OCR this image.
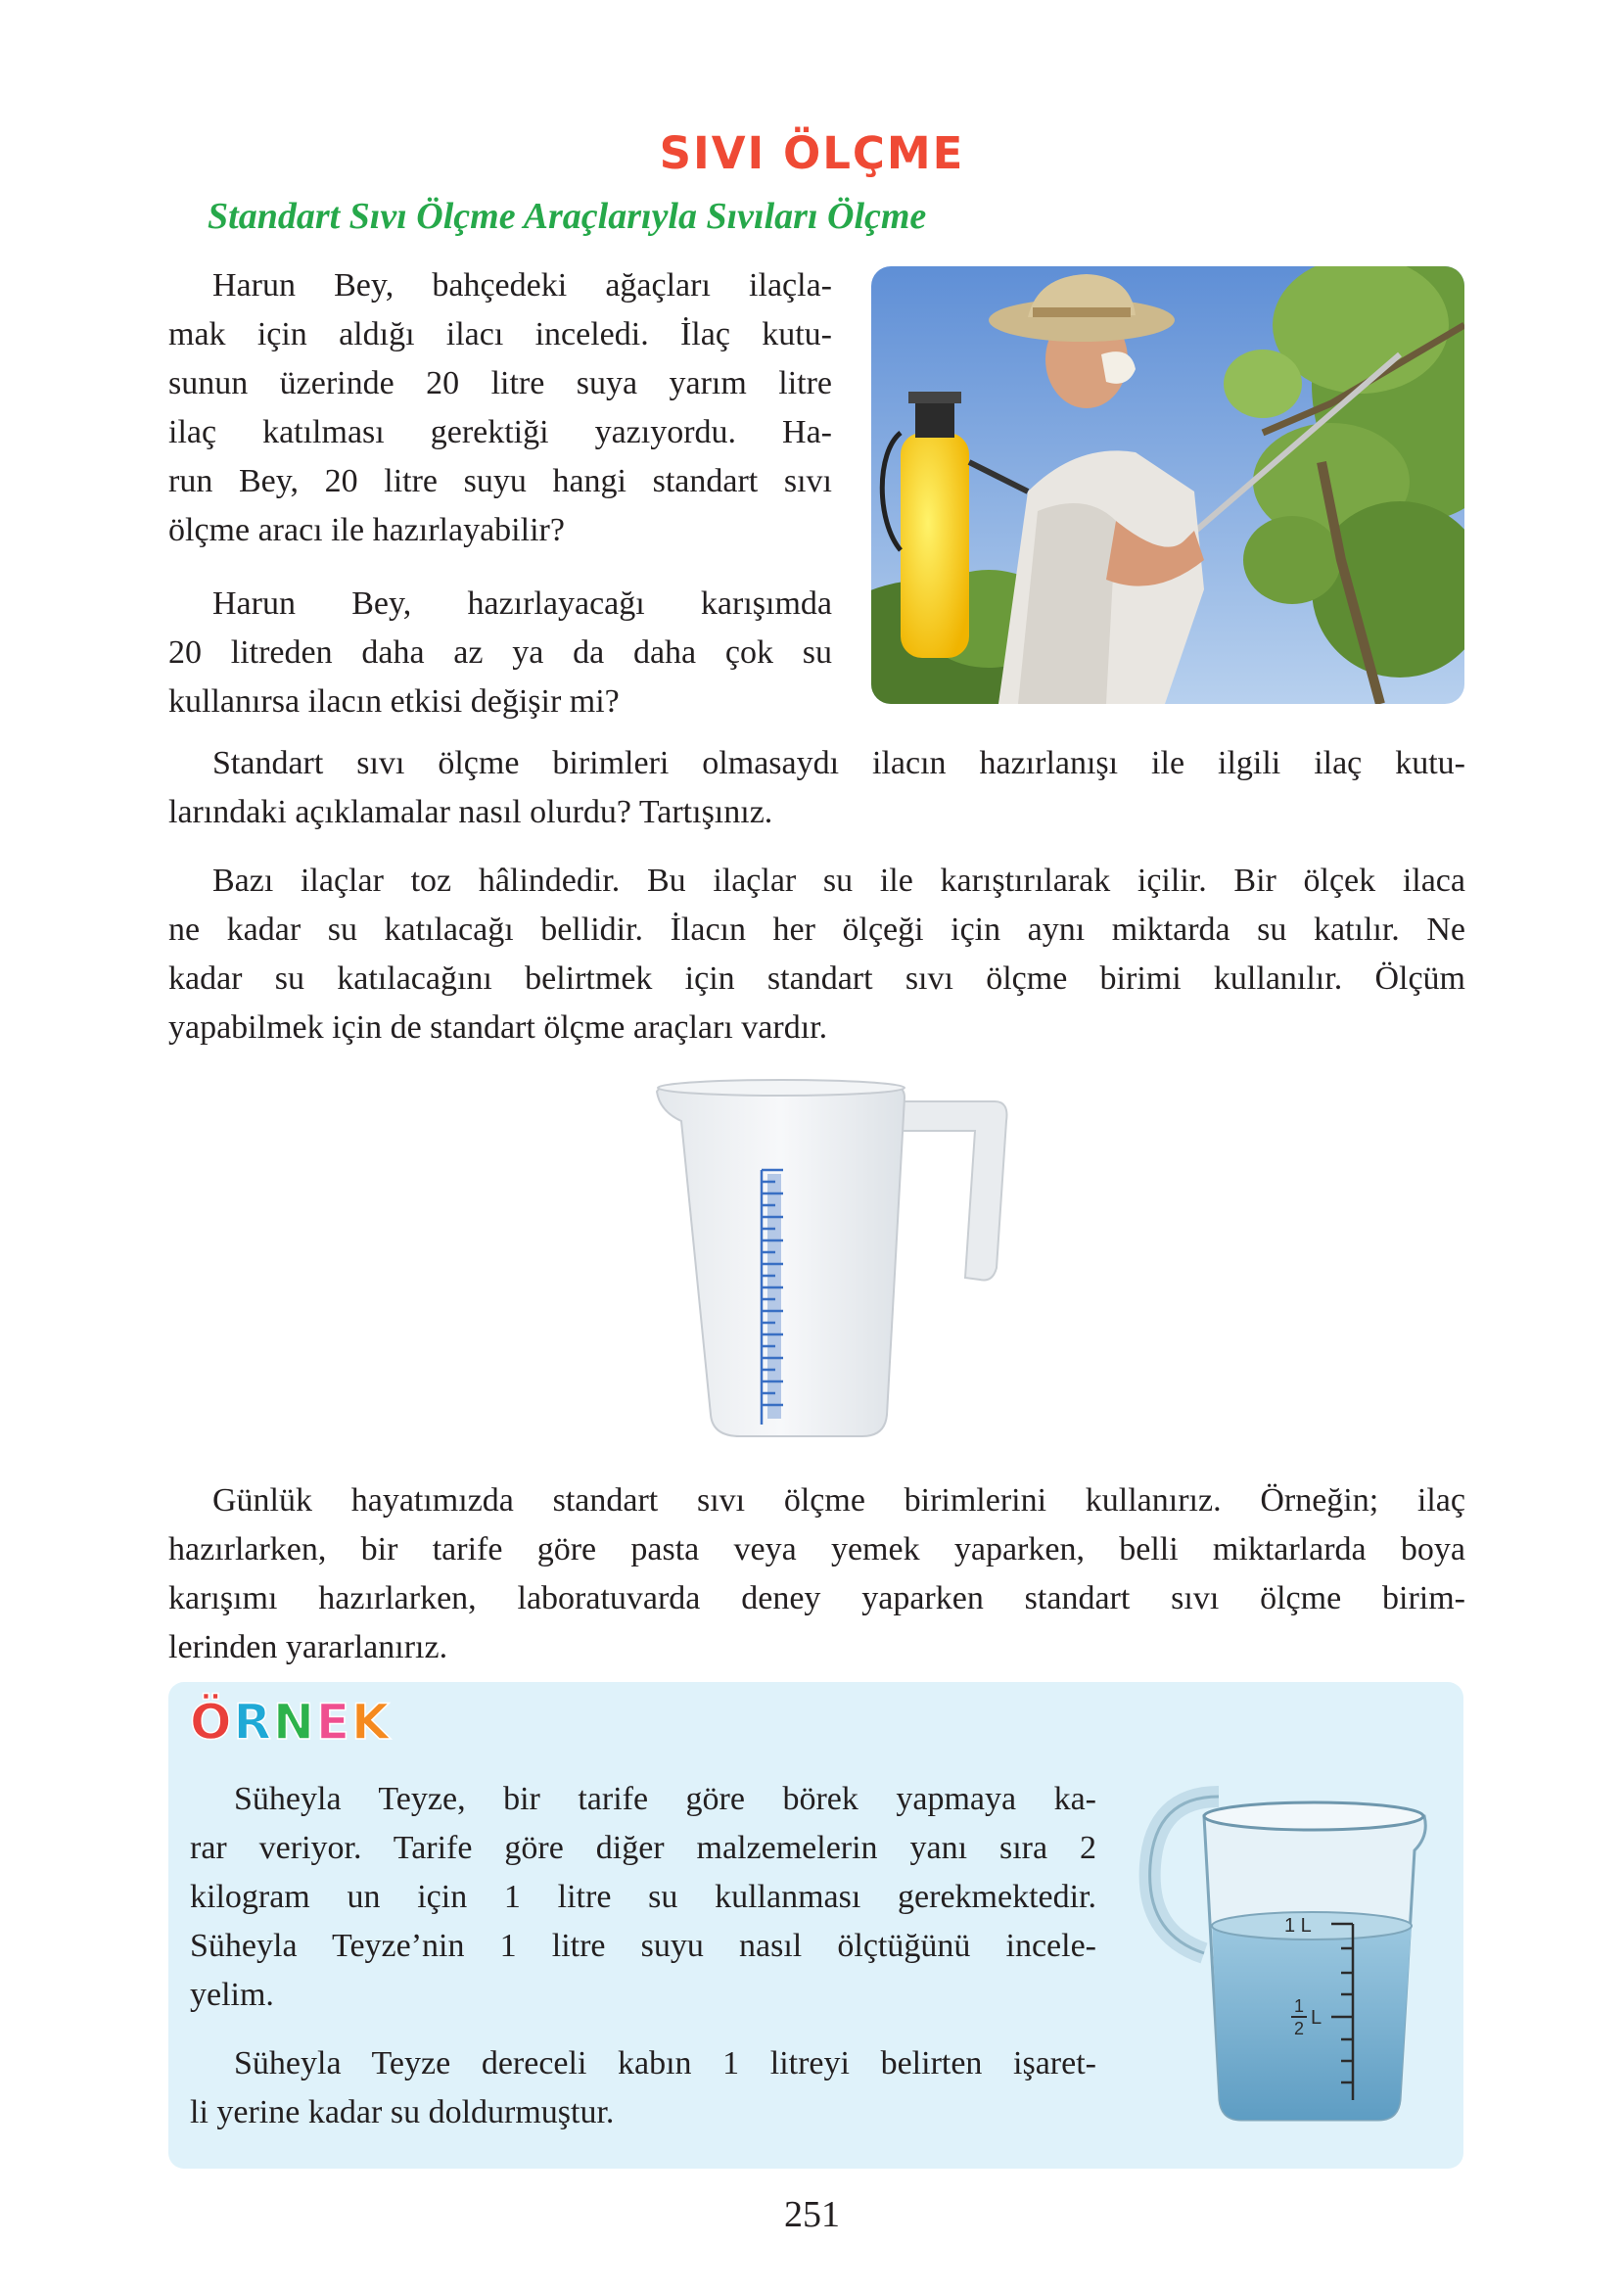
SIVI ÖLÇME
Standart Sıvı Ölçme Araçlarıyla Sıvıları Ölçme
Harun Bey, bahçedeki ağaçları ilaçla-
mak için aldığı ilacı inceledi. İlaç kutu-
sunun üzerinde 20 litre suya yarım litre
ilaç katılması gerektiği yazıyordu. Ha-
run Bey, 20 litre suyu hangi standart sıvı
ölçme aracı ile hazırlayabilir?
Harun Bey, hazırlayacağı karışımda
20 litreden daha az ya da daha çok su
kullanırsa ilacın etkisi değişir mi?
Standart sıvı ölçme birimleri olmasaydı ilacın hazırlanışı ile ilgili ilaç kutu-
larındaki açıklamalar nasıl olurdu? Tartışınız.
Bazı ilaçlar toz hâlindedir. Bu ilaçlar su ile karıştırılarak içilir. Bir ölçek ilaca
ne kadar su katılacağı bellidir. İlacın her ölçeği için aynı miktarda su katılır. Ne
kadar su katılacağını belirtmek için standart sıvı ölçme birimi kullanılır. Ölçüm
yapabilmek için de standart ölçme araçları vardır.
Günlük hayatımızda standart sıvı ölçme birimlerini kullanırız. Örneğin; ilaç
hazırlarken, bir tarife göre pasta veya yemek yaparken, belli miktarlarda boya
karışımı hazırlarken, laboratuvarda deney yaparken standart sıvı ölçme birim-
lerinden yararlanırız.
ÖRNEK
Süheyla Teyze, bir tarife göre börek yapmaya ka-
rar veriyor. Tarife göre diğer malzemelerin yanı sıra 2
kilogram un için 1 litre su kullanması gerekmektedir.
Süheyla Teyze’nin 1 litre suyu nasıl ölçtüğünü incele-
yelim.
Süheyla Teyze dereceli kabın 1 litreyi belirten işaret-
li yerine kadar su doldurmuştur.
1 L
1
2 L
251
